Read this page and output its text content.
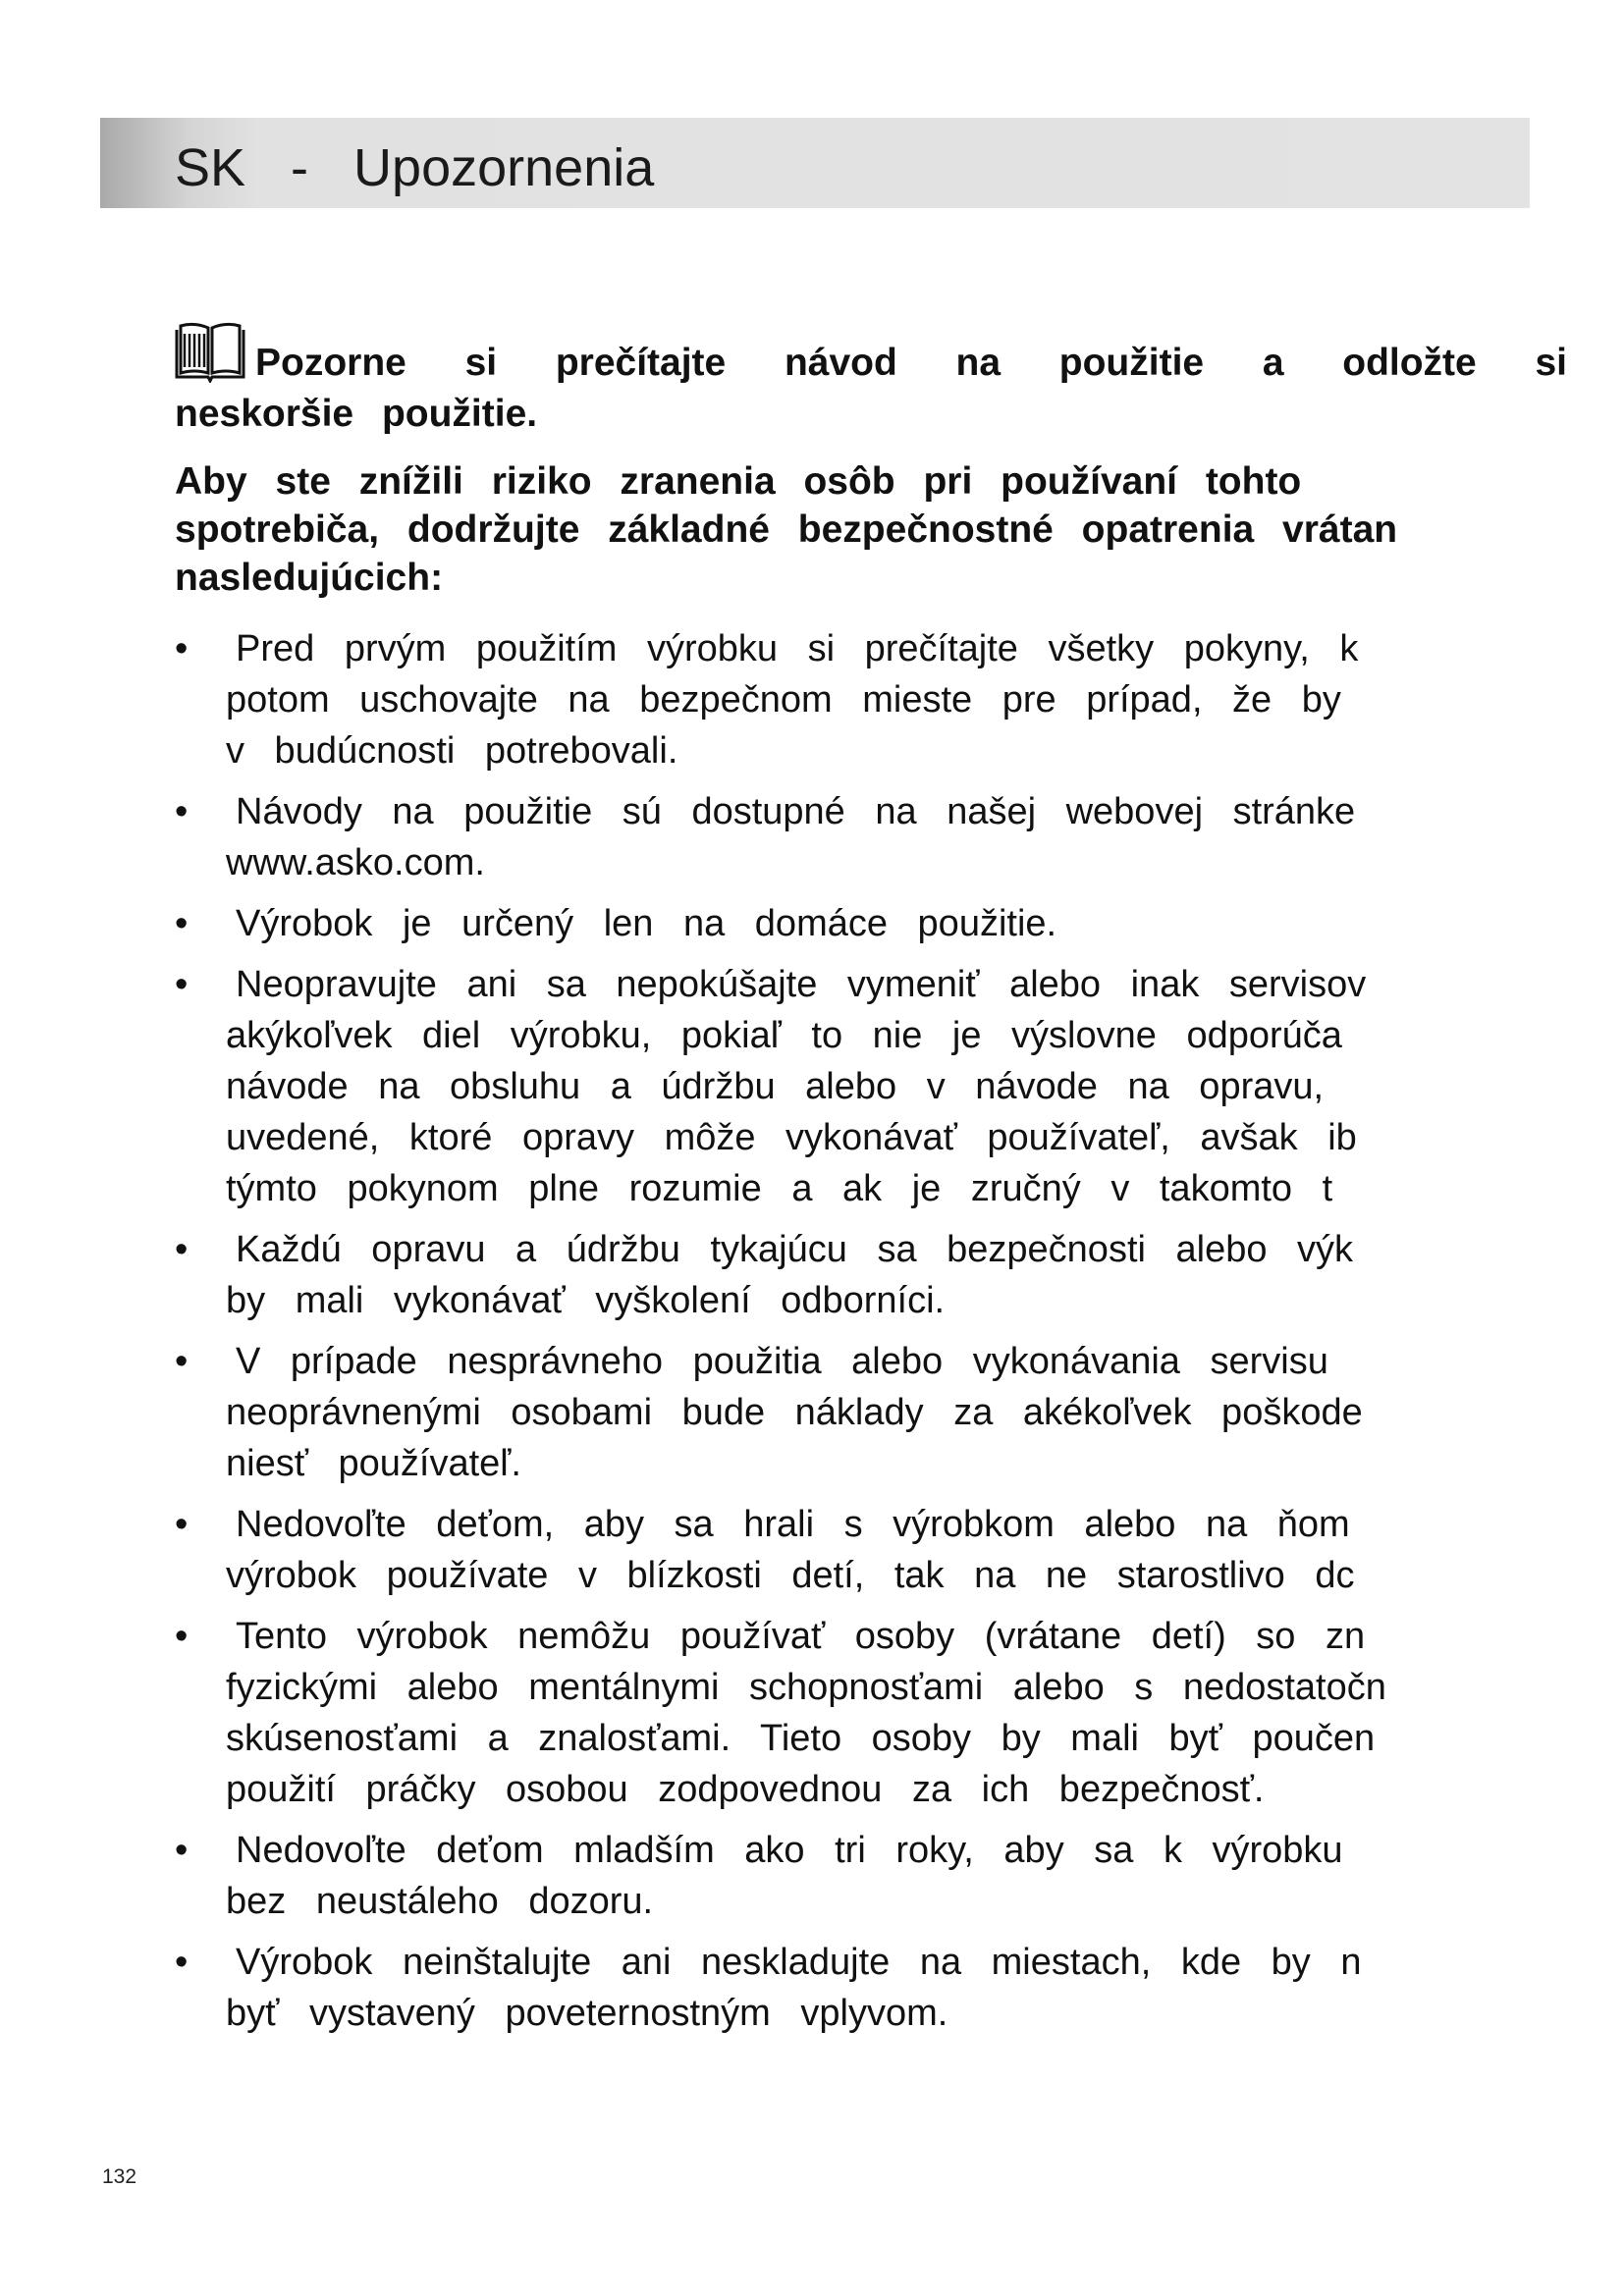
SK - Upozornenia
Pozorne si prečítajte návod na použitie a odložte si
neskoršie použitie.
Aby ste znížili riziko zranenia osôb pri používaní tohto
spotrebiča, dodržujte základné bezpečnostné opatrenia vrátan
nasledujúcich:
• Pred prvým použitím výrobku si prečítajte všetky pokyny, k
potom uschovajte na bezpečnom mieste pre prípad, že by
v budúcnosti potrebovali.
• Návody na použitie sú dostupné na našej webovej stránke
www.asko.com.
• Výrobok je určený len na domáce použitie.
• Neopravujte ani sa nepokúšajte vymeniť alebo inak servisov
akýkoľvek diel výrobku, pokiaľ to nie je výslovne odporúča
návode na obsluhu a údržbu alebo v návode na opravu,
uvedené, ktoré opravy môže vykonávať používateľ, avšak ib
týmto pokynom plne rozumie a ak je zručný v takomto t
• Každú opravu a údržbu tykajúcu sa bezpečnosti alebo výk
by mali vykonávať vyškolení odborníci.
• V prípade nesprávneho použitia alebo vykonávania servisu
neoprávnenými osobami bude náklady za akékoľvek poškode
niesť používateľ.
• Nedovoľte deťom, aby sa hrali s výrobkom alebo na ňom
výrobok používate v blízkosti detí, tak na ne starostlivo dc
• Tento výrobok nemôžu používať osoby (vrátane detí) so zn
fyzickými alebo mentálnymi schopnosťami alebo s nedostatočn
skúsenosťami a znalosťami. Tieto osoby by mali byť poučen
použití práčky osobou zodpovednou za ich bezpečnosť.
• Nedovoľte deťom mladším ako tri roky, aby sa k výrobku
bez neustáleho dozoru.
• Výrobok neinštalujte ani neskladujte na miestach, kde by n
byť vystavený poveternostným vplyvom.
132
